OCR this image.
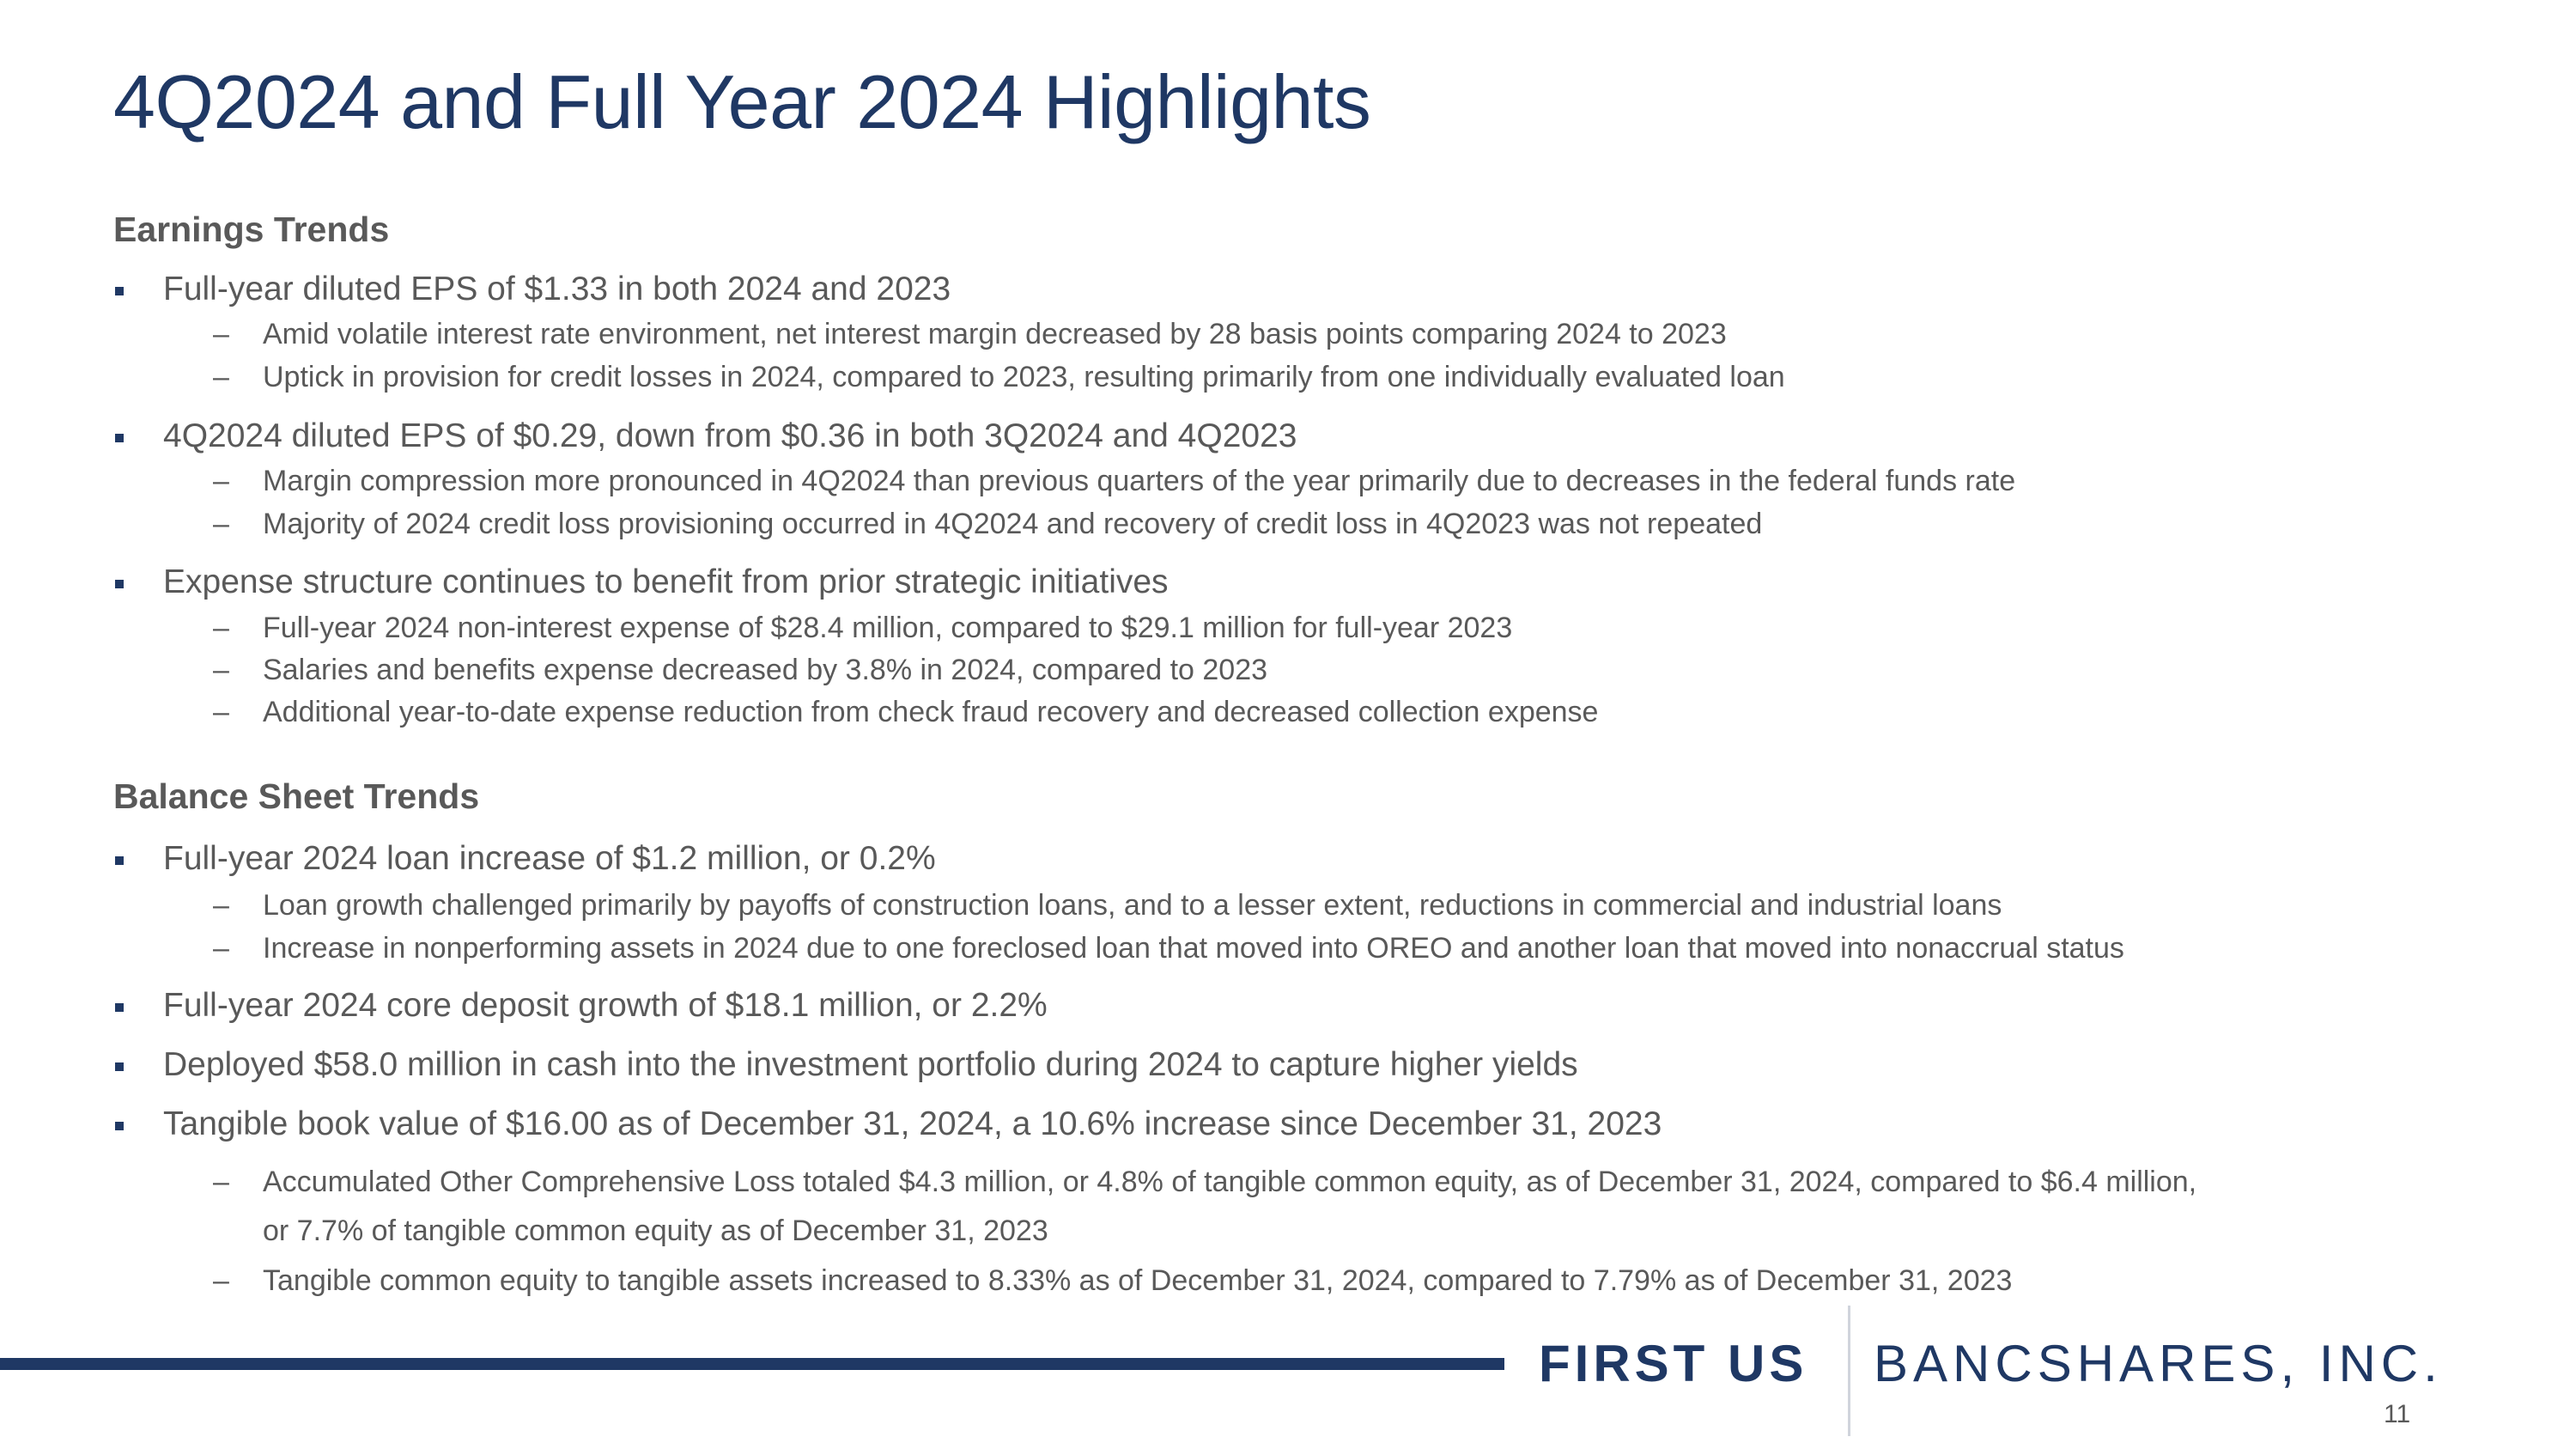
4Q2024 and Full Year 2024 Highlights
Earnings Trends
Full-year diluted EPS of $1.33 in both 2024 and 2023
– Amid volatile interest rate environment, net interest margin decreased by 28 basis points comparing 2024 to 2023
– Uptick in provision for credit losses in 2024, compared to 2023, resulting primarily from one individually evaluated loan
4Q2024 diluted EPS of $0.29, down from $0.36 in both 3Q2024 and 4Q2023
– Margin compression more pronounced in 4Q2024 than previous quarters of the year primarily due to decreases in the federal funds rate
– Majority of 2024 credit loss provisioning occurred in 4Q2024 and recovery of credit loss in 4Q2023 was not repeated
Expense structure continues to benefit from prior strategic initiatives
– Full-year 2024 non-interest expense of $28.4 million, compared to $29.1 million for full-year 2023
– Salaries and benefits expense decreased by 3.8% in 2024, compared to 2023
– Additional year-to-date expense reduction from check fraud recovery and decreased collection expense
Balance Sheet Trends
Full-year 2024 loan increase of $1.2 million, or 0.2%
– Loan growth challenged primarily by payoffs of construction loans, and to a lesser extent, reductions in commercial and industrial loans
– Increase in nonperforming assets in 2024 due to one foreclosed loan that moved into OREO and another loan that moved into nonaccrual status
Full-year 2024 core deposit growth of $18.1 million, or 2.2%
Deployed $58.0 million in cash into the investment portfolio during 2024 to capture higher yields
Tangible book value of $16.00 as of December 31, 2024, a 10.6% increase since December 31, 2023
– Accumulated Other Comprehensive Loss totaled $4.3 million, or 4.8% of tangible common equity, as of December 31, 2024, compared to $6.4 million,
or 7.7% of tangible common equity as of December 31, 2023
– Tangible common equity to tangible assets increased to 8.33% as of December 31, 2024, compared to 7.79% as of December 31, 2023
FIRST US BANCSHARES, INC.
11
